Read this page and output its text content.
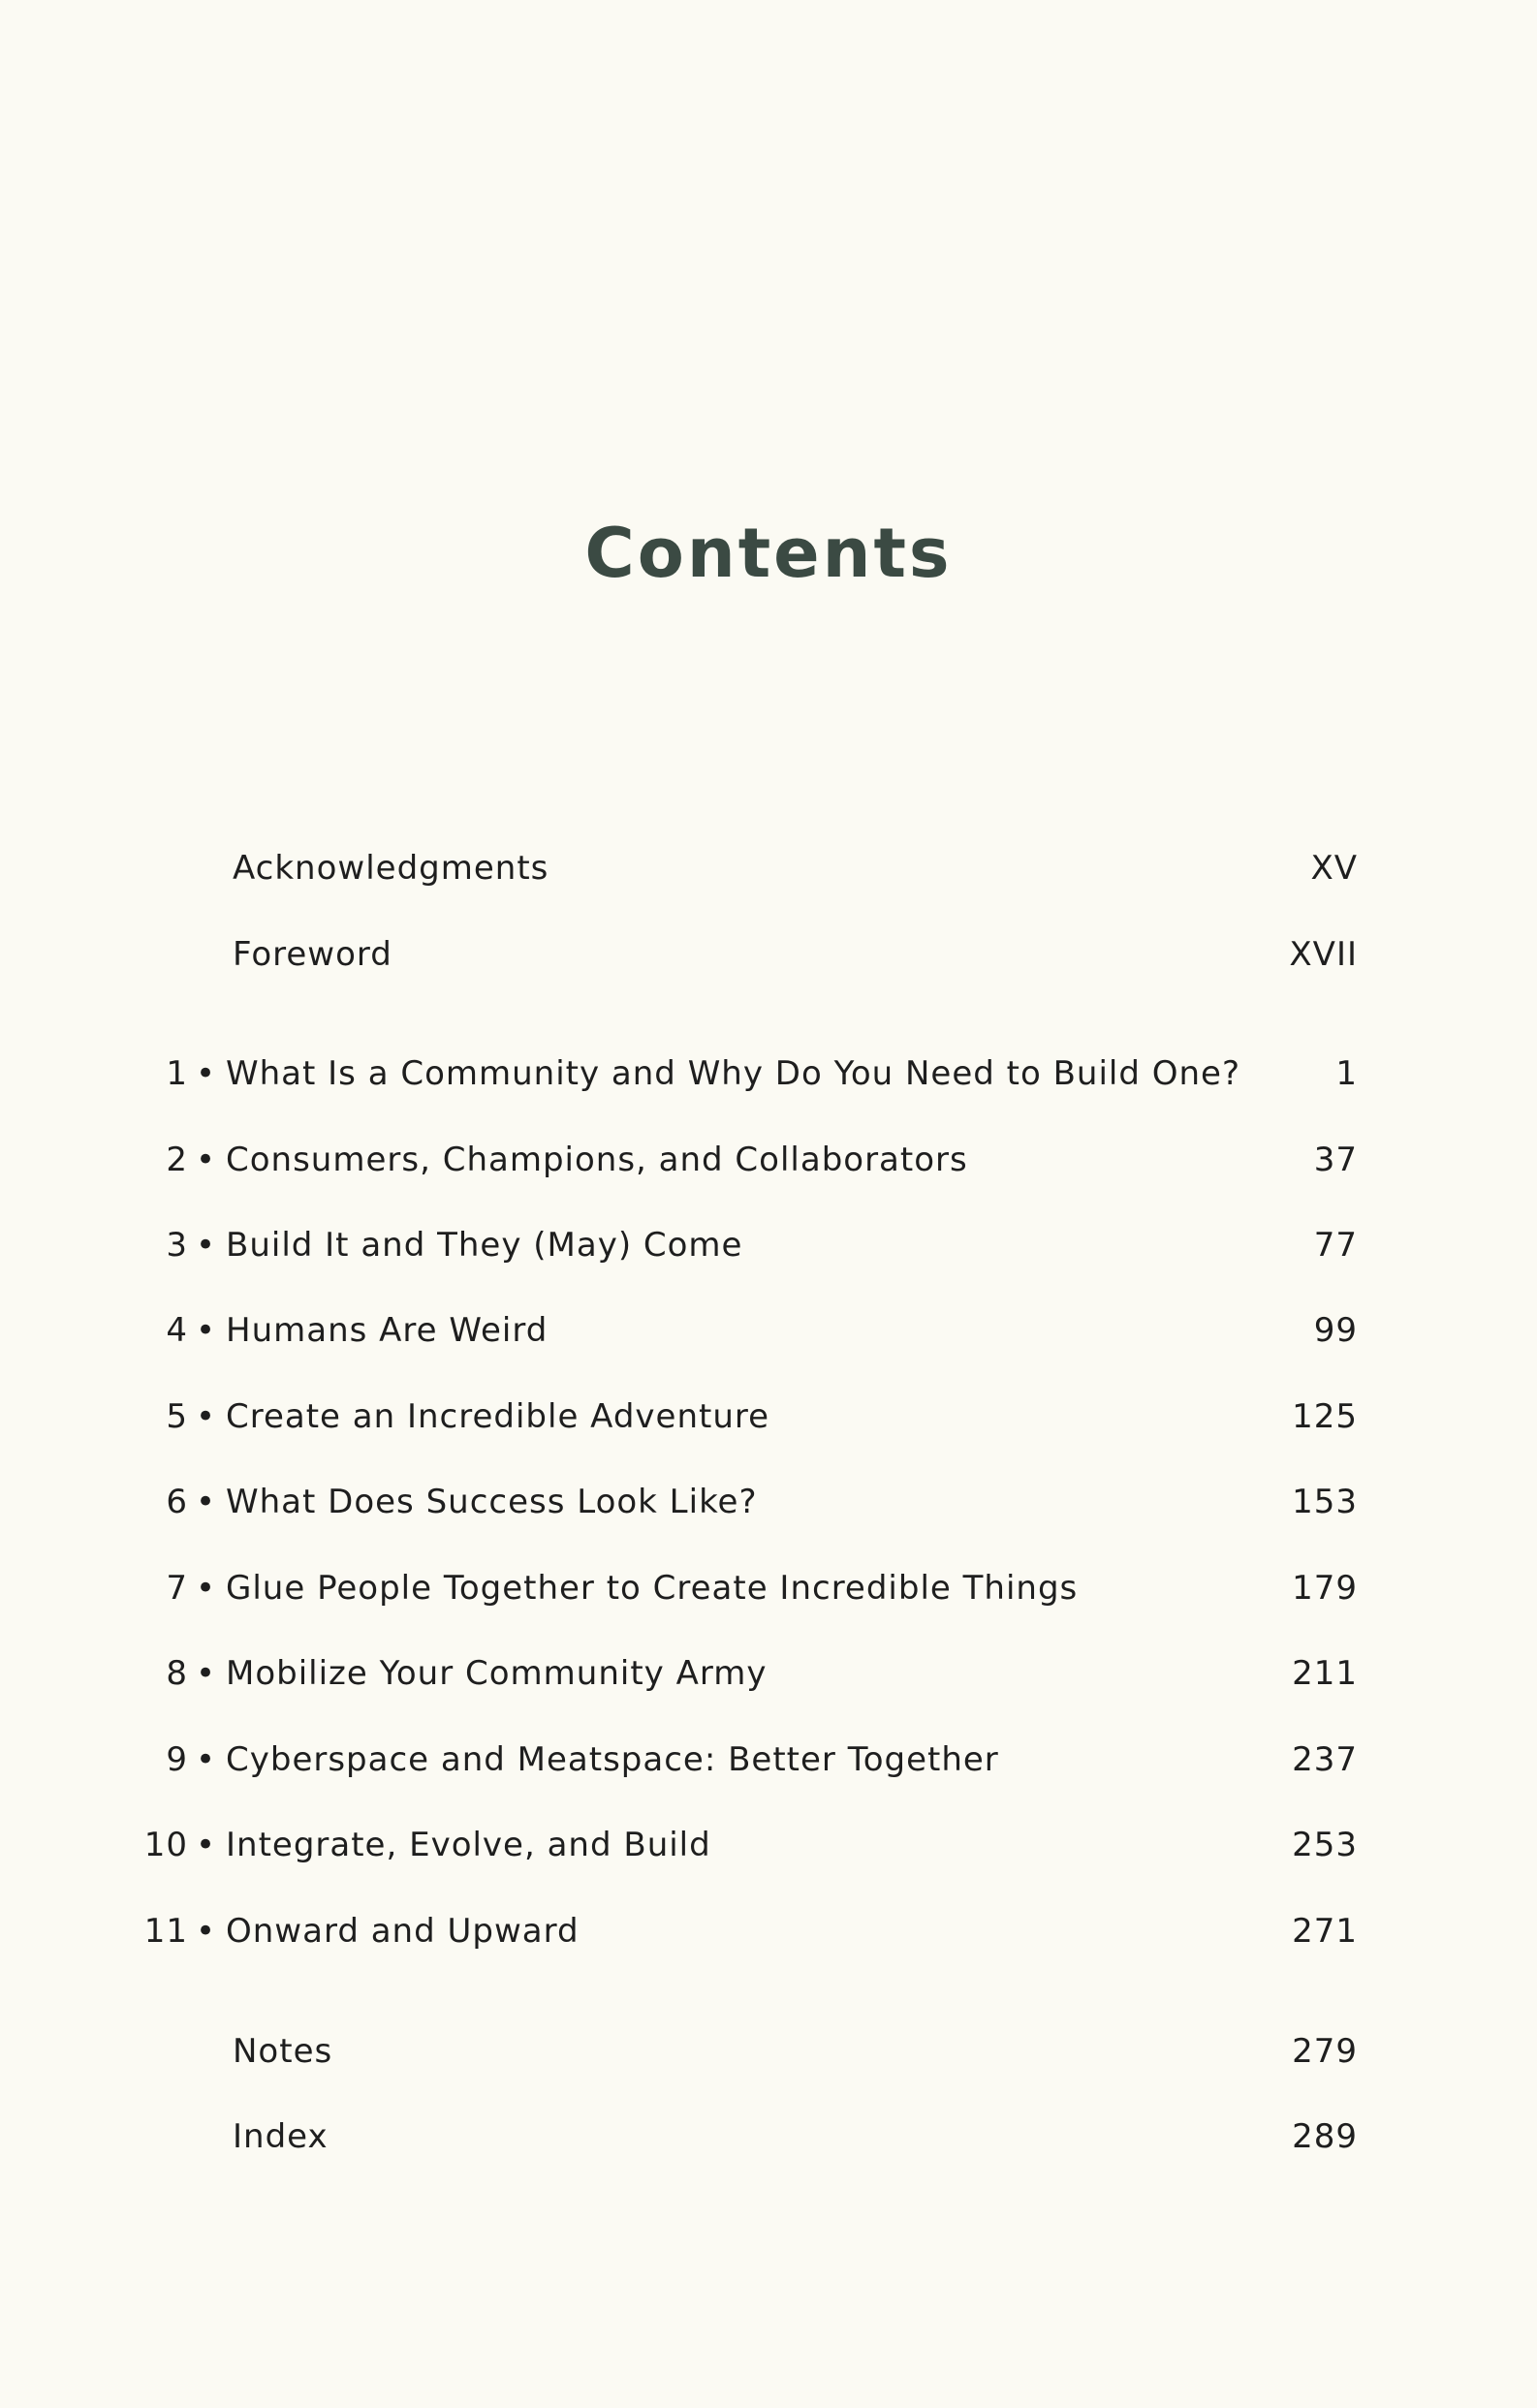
Contents
Acknowledgments	XV
Foreword	XVII
1 • What Is a Community and Why Do You Need to Build One?	1
2 • Consumers, Champions, and Collaborators	37
3 • Build It and They (May) Come	77
4 • Humans Are Weird	99
5 • Create an Incredible Adventure	125
6 • What Does Success Look Like?	153
7 • Glue People Together to Create Incredible Things	179
8 • Mobilize Your Community Army	211
9 • Cyberspace and Meatspace: Better Together	237
10 • Integrate, Evolve, and Build	253
11 • Onward and Upward	271
Notes	279
Index	289
